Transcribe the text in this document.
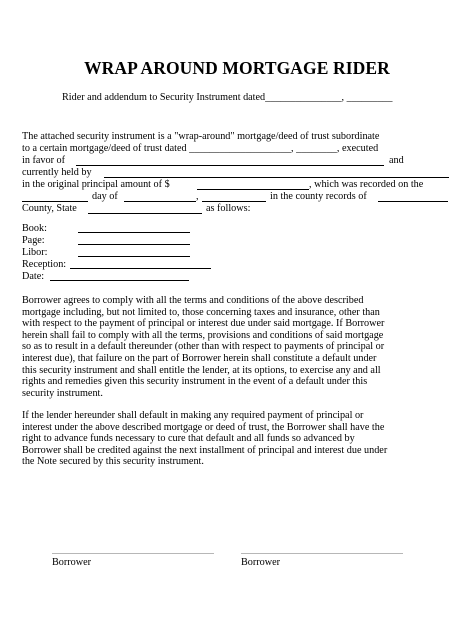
WRAP AROUND MORTGAGE RIDER
Rider and addendum to Security Instrument dated_______________, _________
The attached security instrument is a "wrap-around" mortgage/deed of trust subordinate
to a certain mortgage/deed of trust dated ____________________, ________, executed
in favor of	and
currently held by
in the original principal amount of $	, which was recorded on the
day of	,	in the county records of
County, State	as follows:
Book:
Page:
Libor:
Reception:
Date:
Borrower agrees to comply with all the terms and conditions of the above described
mortgage including, but not limited to, those concerning taxes and insurance, other than
with respect to the payment of principal or interest due under said mortgage. If Borrower
herein shall fail to comply with all the terms, provisions and conditions of said mortgage
so as to result in a default thereunder (other than with respect to payments of principal or
interest due), that failure on the part of Borrower herein shall constitute a default under
this security instrument and shall entitle the lender, at its options, to exercise any and all
rights and remedies given this security instrument in the event of a default under this
security instrument.
If the lender hereunder shall default in making any required payment of principal or
interest under the above described mortgage or deed of trust, the Borrower shall have the
right to advance funds necessary to cure that default and all funds so advanced by
Borrower shall be credited against the next installment of principal and interest due under
the Note secured by this security instrument.
Borrower	Borrower
